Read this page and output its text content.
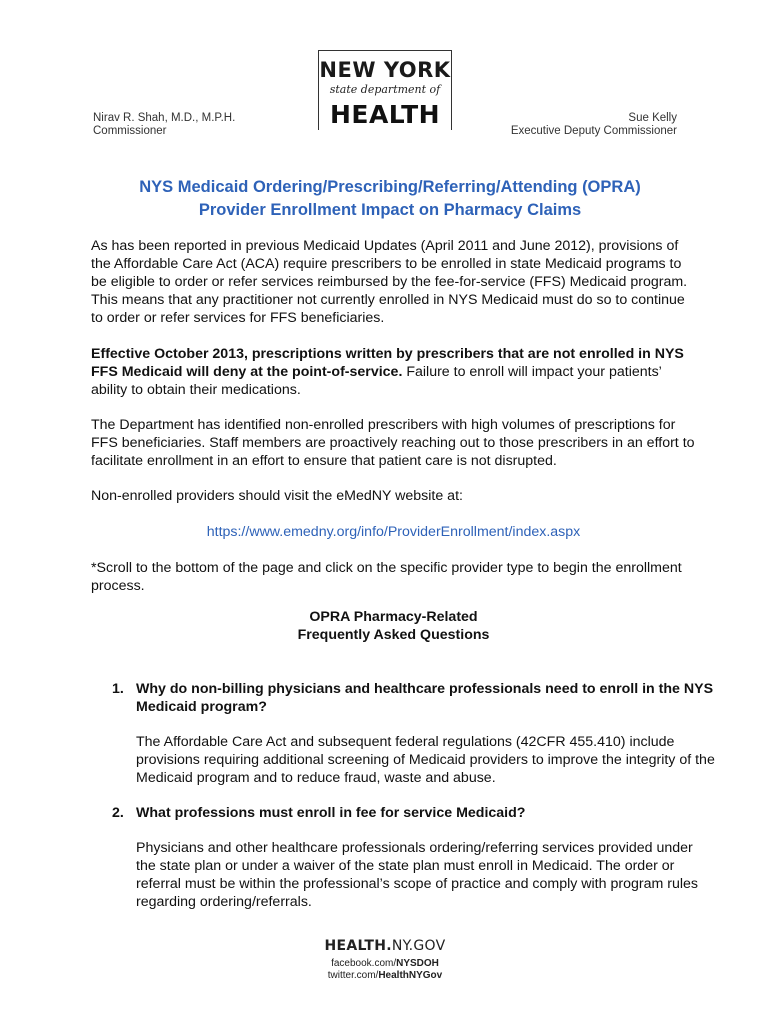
NEW YORK
state department of
HEALTH
Nirav R. Shah, M.D., M.P.H.
Commissioner
Sue Kelly
Executive Deputy Commissioner
NYS Medicaid Ordering/Prescribing/Referring/Attending (OPRA)
Provider Enrollment Impact on Pharmacy Claims
As has been reported in previous Medicaid Updates (April 2011 and June 2012), provisions of the Affordable Care Act (ACA) require prescribers to be enrolled in state Medicaid programs to be eligible to order or refer services reimbursed by the fee-for-service (FFS) Medicaid program. This means that any practitioner not currently enrolled in NYS Medicaid must do so to continue to order or refer services for FFS beneficiaries.
Effective October 2013, prescriptions written by prescribers that are not enrolled in NYS FFS Medicaid will deny at the point-of-service. Failure to enroll will impact your patients’ ability to obtain their medications.
The Department has identified non-enrolled prescribers with high volumes of prescriptions for FFS beneficiaries. Staff members are proactively reaching out to those prescribers in an effort to facilitate enrollment in an effort to ensure that patient care is not disrupted.
Non-enrolled providers should visit the eMedNY website at:
https://www.emedny.org/info/ProviderEnrollment/index.aspx
*Scroll to the bottom of the page and click on the specific provider type to begin the enrollment process.
OPRA Pharmacy-Related
Frequently Asked Questions
1. Why do non-billing physicians and healthcare professionals need to enroll in the NYS Medicaid program?
The Affordable Care Act and subsequent federal regulations (42CFR 455.410) include provisions requiring additional screening of Medicaid providers to improve the integrity of the Medicaid program and to reduce fraud, waste and abuse.
2. What professions must enroll in fee for service Medicaid?
Physicians and other healthcare professionals ordering/referring services provided under the state plan or under a waiver of the state plan must enroll in Medicaid. The order or referral must be within the professional’s scope of practice and comply with program rules regarding ordering/referrals.
HEALTH.NY.GOV
facebook.com/NYSDOH
twitter.com/HealthNYGov
